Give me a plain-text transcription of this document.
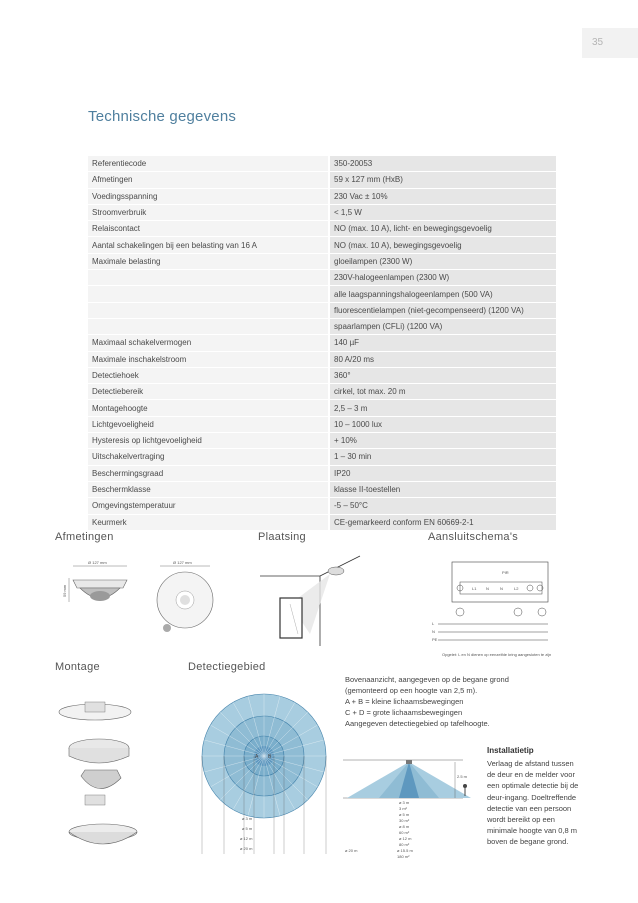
35
Technische gegevens
Referentiecode	350-20053
Afmetingen	59 x 127 mm (HxB)
Voedingsspanning	230 Vac ± 10%
Stroomverbruik	< 1,5 W
Relaiscontact	NO (max. 10 A), licht- en bewegingsgevoelig
Aantal schakelingen bij een belasting van 16 A	NO (max. 10 A), bewegingsgevoelig
Maximale belasting	gloeilampen (2300 W)
	230V-halogeenlampen (2300 W)
	alle laagspanningshalogeenlampen (500 VA)
	fluorescentielampen (niet-gecompenseerd) (1200 VA)
	spaarlampen (CFLi) (1200 VA)
Maximaal schakelvermogen	140 µF
Maximale inschakelstroom	80 A/20 ms
Detectiehoek	360°
Detectiebereik	cirkel, tot max. 20 m
Montagehoogte	2,5 – 3 m
Lichtgevoeligheid	10 – 1000 lux
Hysteresis op lichtgevoeligheid	+ 10%
Uitschakelvertraging	1 – 30 min
Beschermingsgraad	IP20
Beschermklasse	klasse II-toestellen
Omgevingstemperatuur	-5 – 50°C
Keurmerk	CE-gemarkeerd conform EN 60669-2-1
Afmetingen	Plaatsing	Aansluitschema's
Montage	Detectiegebied
Ø 127 mm
59 mm
Ø 127 mm
PIR
L1 N	N	L2
L
N
PE
Opgelet: L en N dienen op eenzelfde kring aangesloten te zijn
A B
ø 3 m
ø 5 m
ø 12 m
ø 20 m
2.5 m
ø 3 m
3 m²
ø 5 m
30 m²
ø 8 m
60 m²
ø 12 m
80 m²
ø 15.5 m
180 m²
ø 20 m
Bovenaanzicht, aangegeven op de begane grond
(gemonteerd op een hoogte van 2,5 m).
A + B = kleine lichaamsbewegingen
C + D = grote lichaamsbewegingen
Aangegeven detectiegebied op tafelhoogte.
Installatietip
Verlaag de afstand tussen de deur en de melder voor een optimale detectie bij de deur-ingang. Doeltreffende detectie van een persoon wordt bereikt op een minimale hoogte van 0,8 m boven de begane grond.
